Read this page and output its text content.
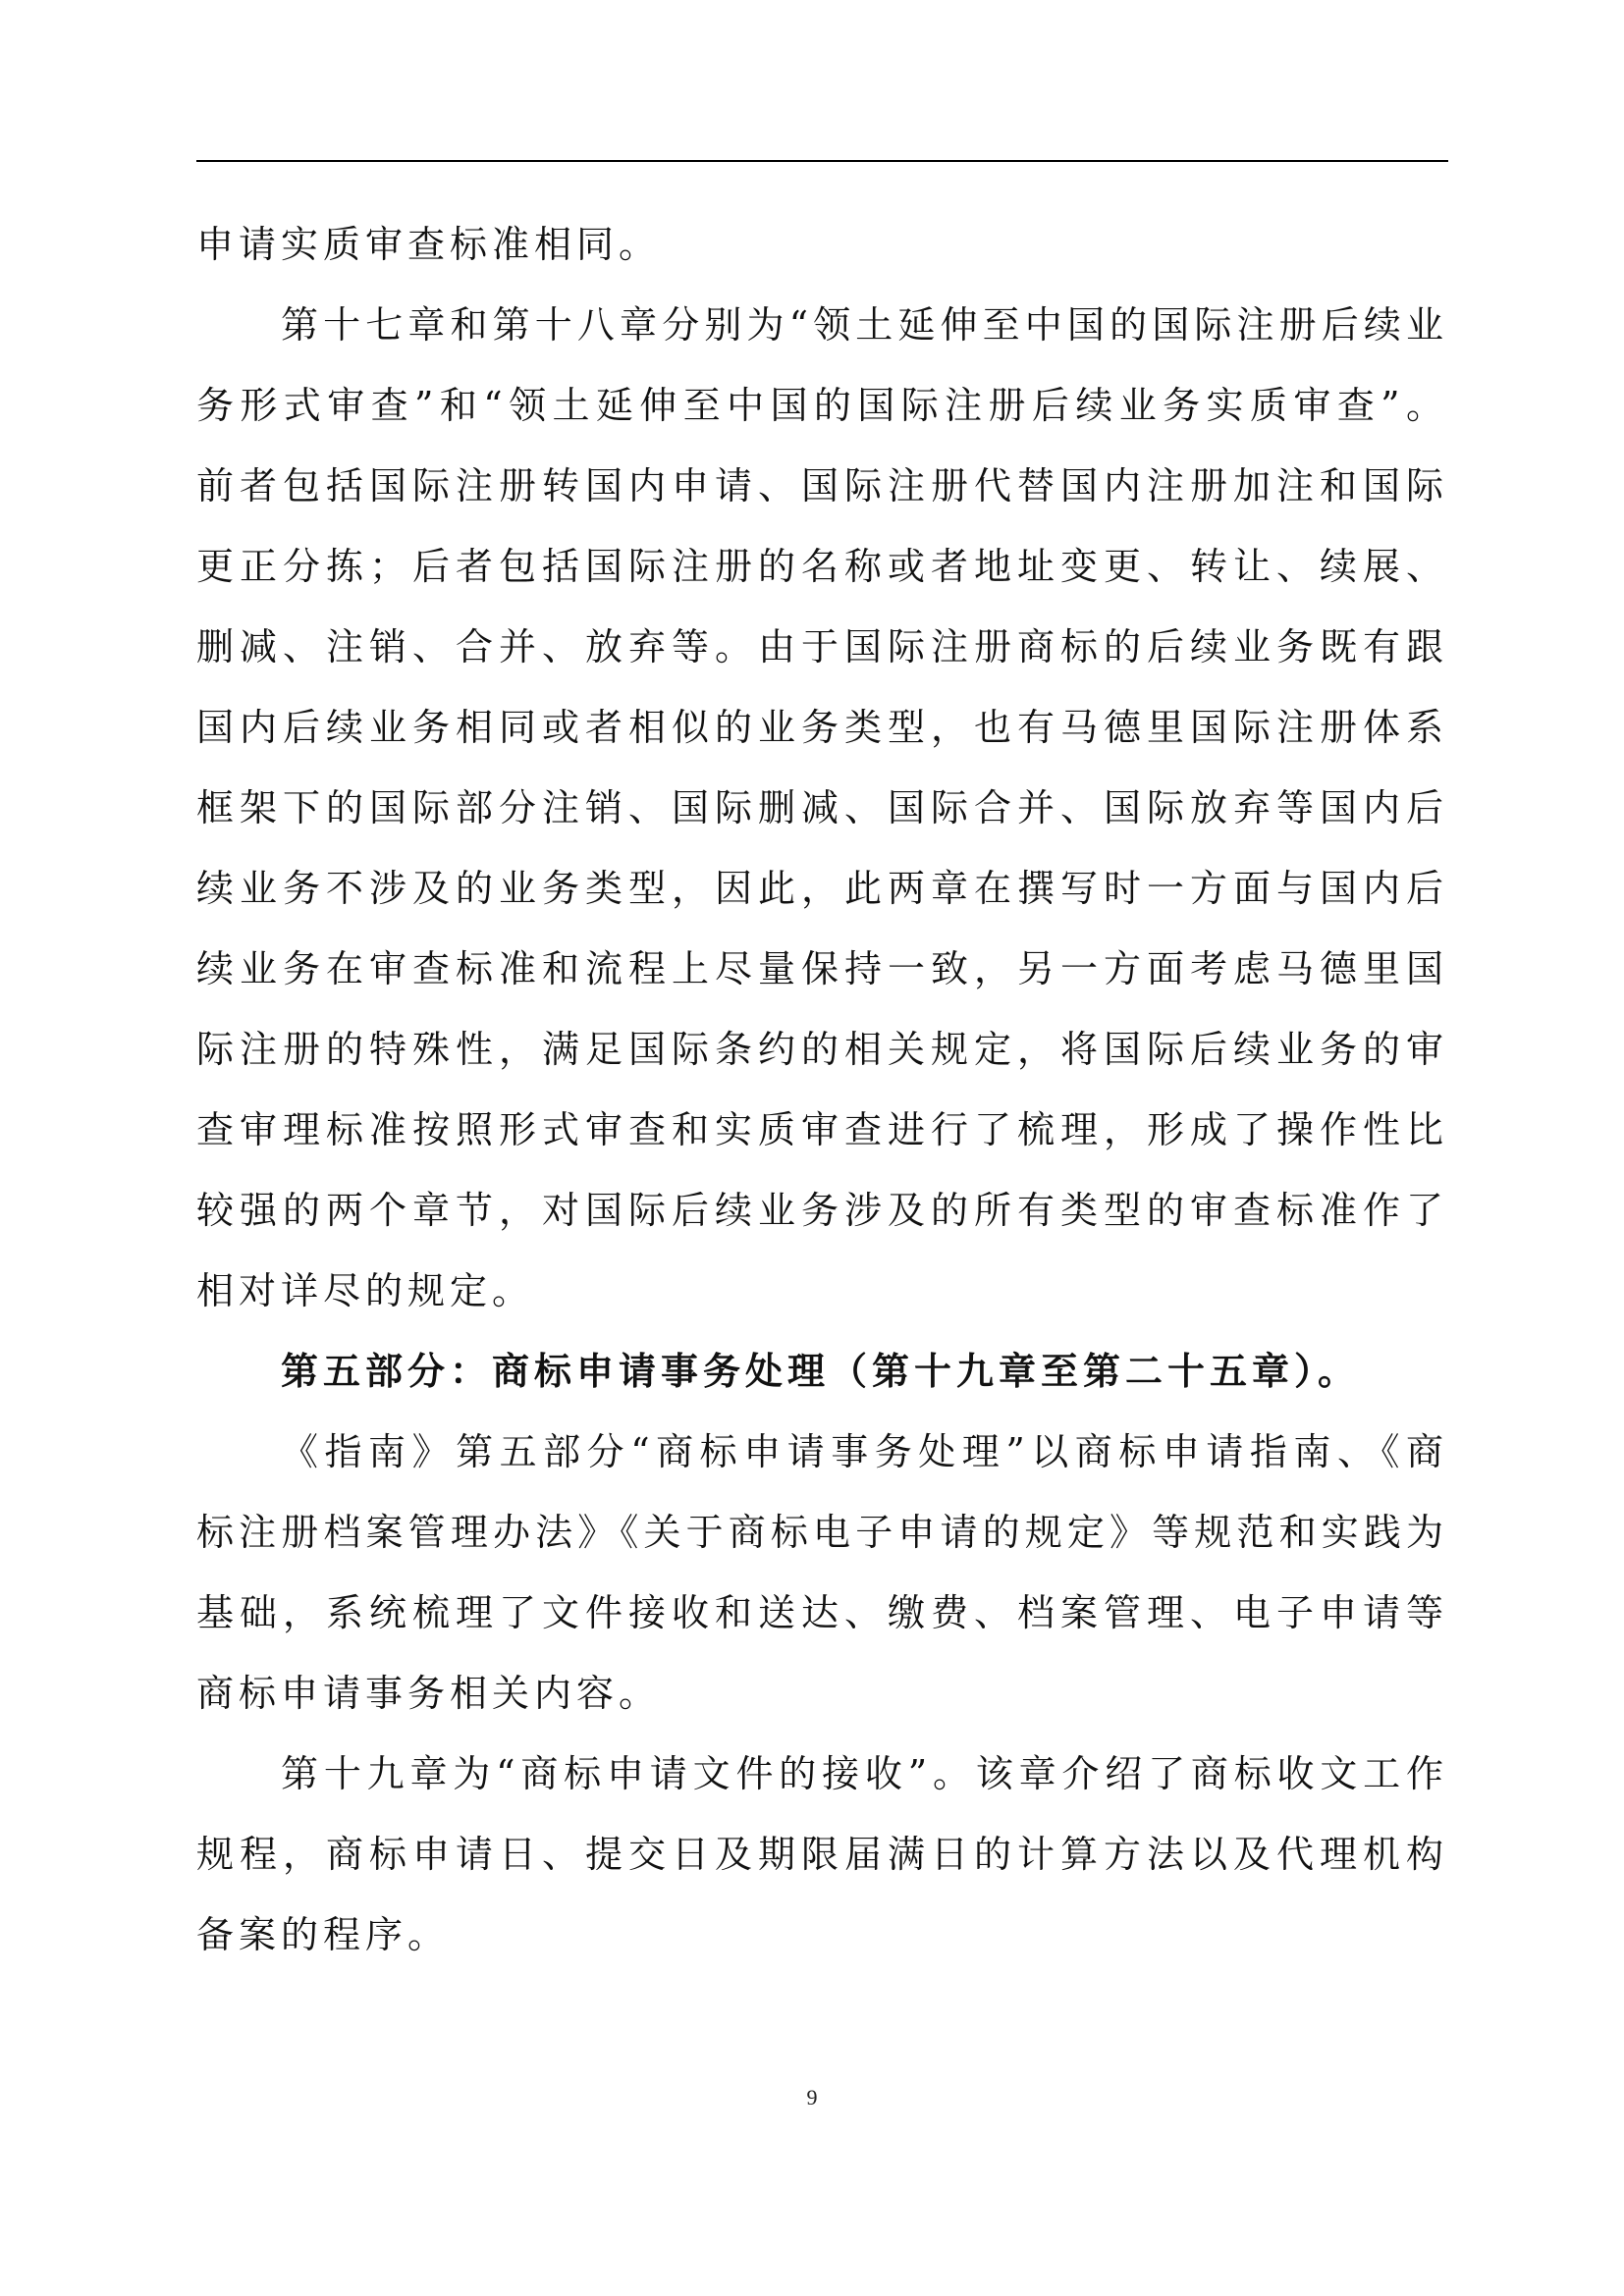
申请实质审查标准相同。

第十七章和第十八章分别为“领土延伸至中国的国际注册后续业务形式审查”和“领土延伸至中国的国际注册后续业务实质审查”。前者包括国际注册转国内申请、国际注册代替国内注册加注和国际更正分拣；后者包括国际注册的名称或者地址变更、转让、续展、删减、注销、合并、放弃等。由于国际注册商标的后续业务既有跟国内后续业务相同或者相似的业务类型，也有马德里国际注册体系框架下的国际部分注销、国际删减、国际合并、国际放弃等国内后续业务不涉及的业务类型，因此，此两章在撰写时一方面与国内后续业务在审查标准和流程上尽量保持一致，另一方面考虑马德里国际注册的特殊性，满足国际条约的相关规定，将国际后续业务的审查审理标准按照形式审查和实质审查进行了梳理，形成了操作性比较强的两个章节，对国际后续业务涉及的所有类型的审查标准作了相对详尽的规定。

第五部分：商标申请事务处理（第十九章至第二十五章）。

《指南》第五部分“商标申请事务处理”以商标申请指南、《商标注册档案管理办法》《关于商标电子申请的规定》等规范和实践为基础，系统梳理了文件接收和送达、缴费、档案管理、电子申请等商标申请事务相关内容。

第十九章为“商标申请文件的接收”。该章介绍了商标收文工作规程，商标申请日、提交日及期限届满日的计算方法以及代理机构备案的程序。

9
